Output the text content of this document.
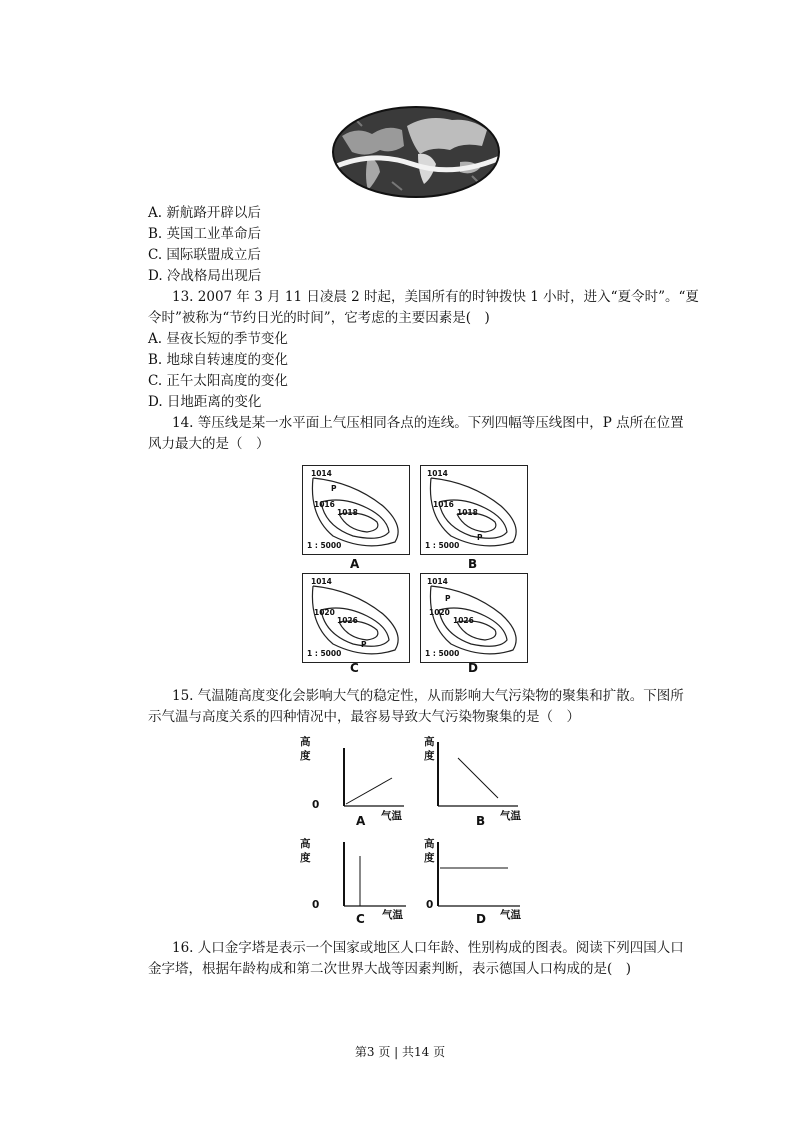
A. 新航路开辟以后
B. 英国工业革命后
C. 国际联盟成立后
D. 冷战格局出现后
13. 2007 年 3 月 11 日凌晨 2 时起，美国所有的时钟拨快 1 小时，进入“夏令时”。“夏
令时”被称为“节约日光的时间”，它考虑的主要因素是(　)
A. 昼夜长短的季节变化
B. 地球自转速度的变化
C. 正午太阳高度的变化
D. 日地距离的变化
14. 等压线是某一水平面上气压相同各点的连线。下列四幅等压线图中，P 点所在位置
风力最大的是（　）
1014
P
1016
1018
1 : 5000
A
1014
1016
1018
P
1 : 5000
B
1014
1020
1026
P
1 : 5000
C
1014
P
1020
1026
1 : 5000
D
15. 气温随高度变化会影响大气的稳定性，从而影响大气污染物的聚集和扩散。下图所
示气温与高度关系的四种情况中，最容易导致大气污染物聚集的是（　）
高
度
0
气温
A
高
度
气温
B
高
度
0
气温
C
高
度
0
气温
D
16. 人口金字塔是表示一个国家或地区人口年龄、性别构成的图表。阅读下列四国人口
金字塔，根据年龄构成和第二次世界大战等因素判断，表示德国人口构成的是(　)
第3 页 | 共14 页
